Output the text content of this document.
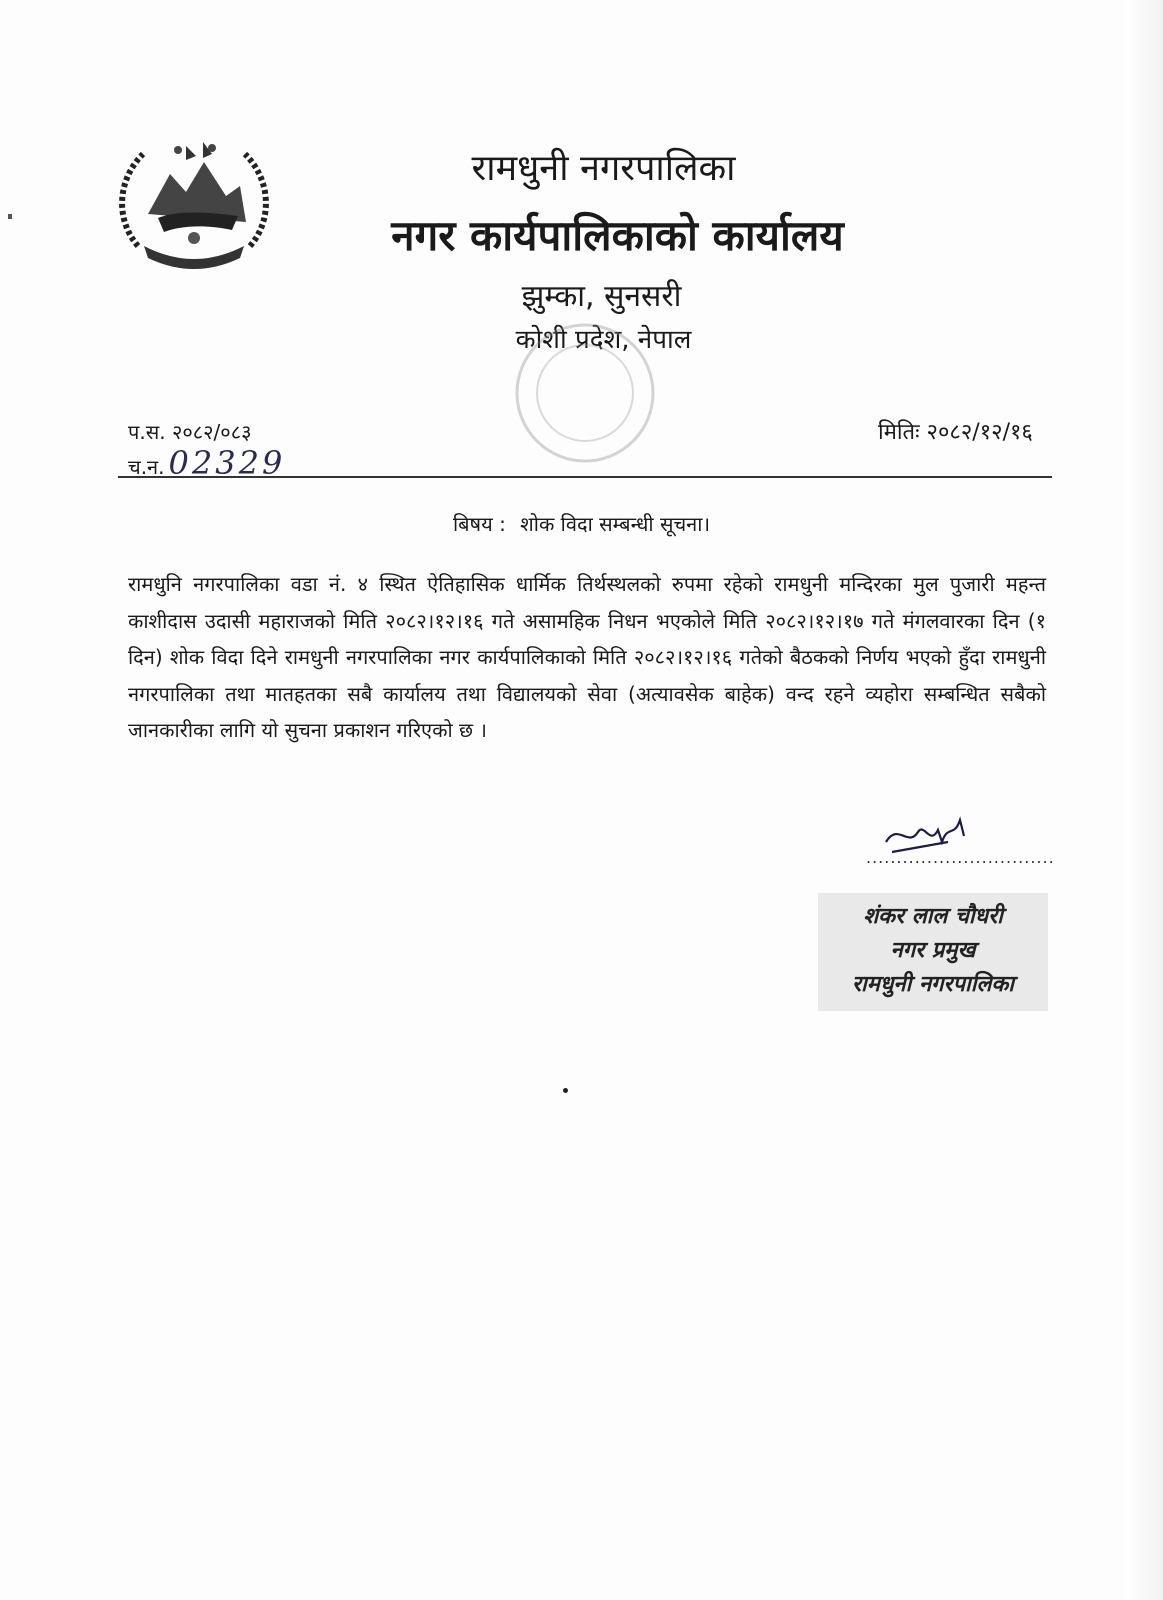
रामधुनी नगरपालिका
नगर कार्यपालिकाको कार्यालय
झुम्का, सुनसरी
कोशी प्रदेश, नेपाल
प.स. २०८२/०८३
च.न. 02329
मितिः २०८२/१२/१६
बिषय : शोक विदा सम्बन्धी सूचना।
रामधुनि नगरपालिका वडा नं. ४ स्थित ऐतिहासिक धार्मिक तिर्थस्थलको रुपमा रहेको रामधुनी मन्दिरका मुल पुजारी महन्त काशीदास उदासी महाराजको मिति २०८२।१२।१६ गते असामहिक निधन भएकोले मिति २०८२।१२।१७ गते मंगलवारका दिन (१ दिन) शोक विदा दिने रामधुनी नगरपालिका नगर कार्यपालिकाको मिति २०८२।१२।१६ गतेको बैठकको निर्णय भएको हुँदा रामधुनी नगरपालिका तथा मातहतका सबै कार्यालय तथा विद्यालयको सेवा (अत्यावसेक बाहेक) वन्द रहने व्यहोरा सम्बन्धित सबैको जानकारीका लागि यो सुचना प्रकाशन गरिएको छ ।
...............................
शंकर लाल चौधरी
नगर प्रमुख
रामधुनी नगरपालिका
